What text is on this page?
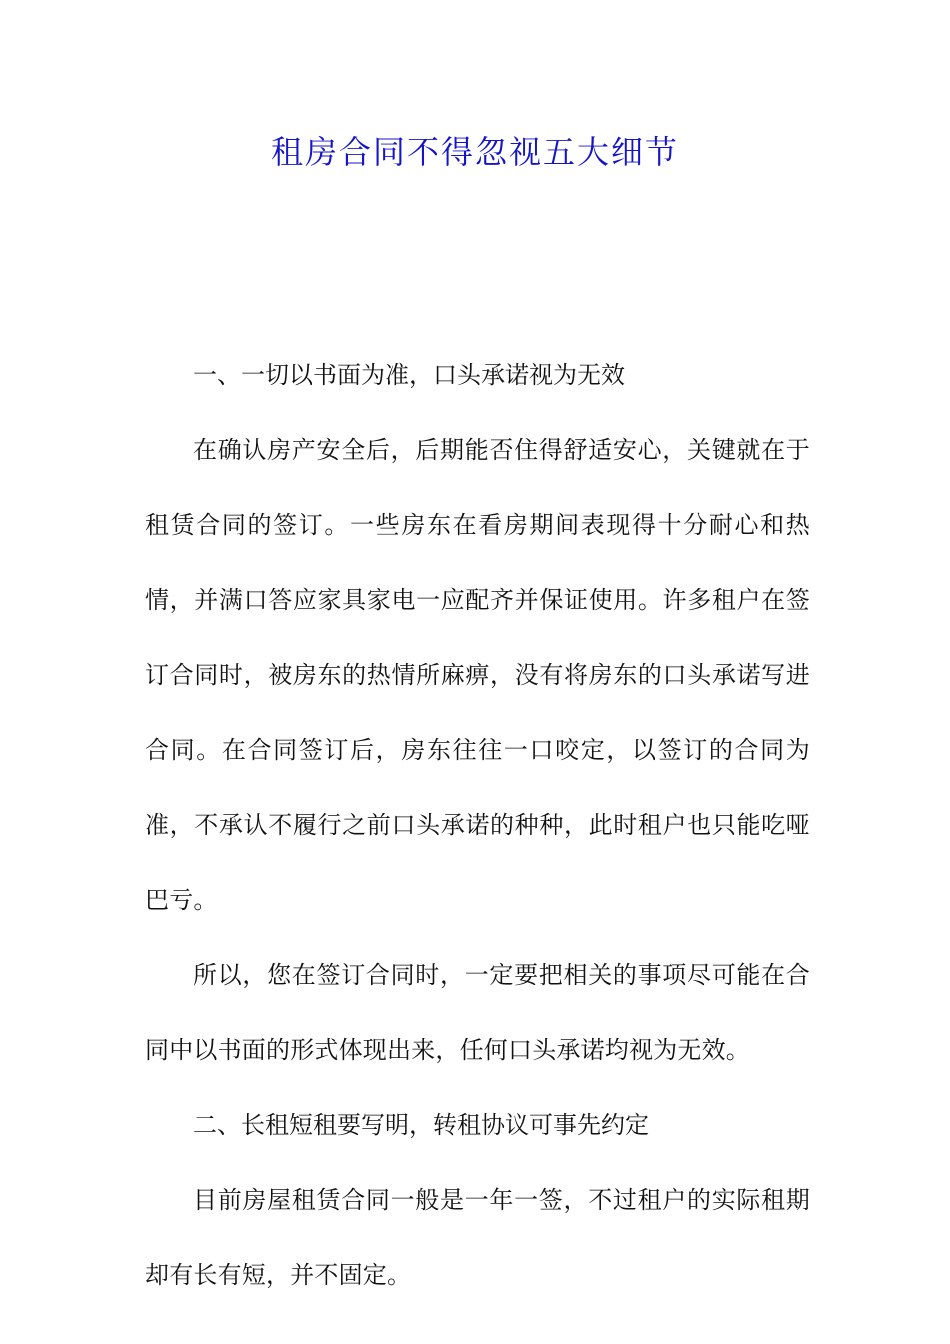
租房合同不得忽视五大细节

一、一切以书面为准，口头承诺视为无效

在确认房产安全后，后期能否住得舒适安心，关键就在于租赁合同的签订。一些房东在看房期间表现得十分耐心和热情，并满口答应家具家电一应配齐并保证使用。许多租户在签订合同时，被房东的热情所麻痹，没有将房东的口头承诺写进合同。在合同签订后，房东往往一口咬定，以签订的合同为准，不承认不履行之前口头承诺的种种，此时租户也只能吃哑巴亏。

所以，您在签订合同时，一定要把相关的事项尽可能在合同中以书面的形式体现出来，任何口头承诺均视为无效。

二、长租短租要写明，转租协议可事先约定

目前房屋租赁合同一般是一年一签，不过租户的实际租期却有长有短，并不固定。
